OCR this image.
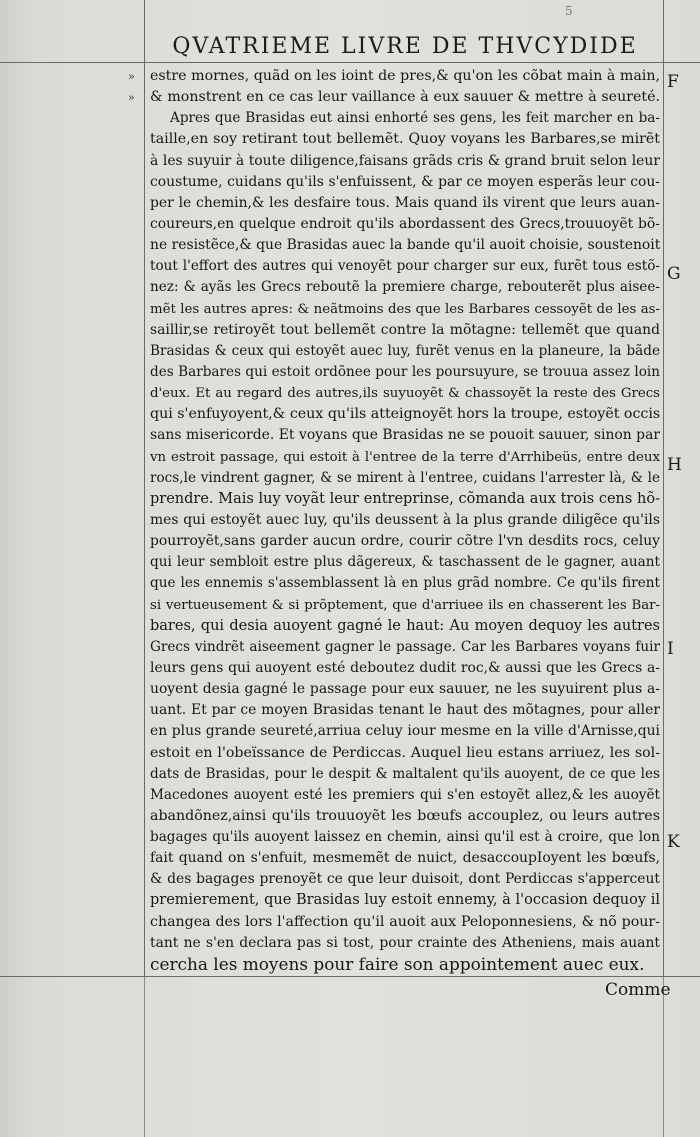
5
QVATRIEME LIVRE DE THVCYDIDE
»
»
estre mornes, quãd on les ioint de pres,& qu'on les cõbat main à main,
& monstrent en ce cas leur vaillance à eux sauuer & mettre à seureté.
Apres que Brasidas eut ainsi enhorté ses gens, les feit marcher en ba-
taille,en soy retirant tout bellemẽt. Quoy voyans les Barbares,se mirẽt
à les suyuir à toute diligence,faisans grãds cris & grand bruit selon leur
coustume, cuidans qu'ils s'enfuissent, & par ce moyen esperãs leur cou-
per le chemin,& les desfaire tous. Mais quand ils virent que leurs auan-
coureurs,en quelque endroit qu'ils abordassent des Grecs,trouuoyẽt bõ-
ne resistẽce,& que Brasidas auec la bande qu'il auoit choisie, soustenoit
tout l'effort des autres qui venoyẽt pour charger sur eux, furẽt tous estõ-
nez: & ayãs les Grecs reboutẽ la premiere charge, rebouterẽt plus aisee-
mẽt les autres apres: & neãtmoins des que les Barbares cessoyẽt de les as-
saillir,se retiroyẽt tout bellemẽt contre la mõtagne: tellemẽt que quand
Brasidas & ceux qui estoyẽt auec luy, furẽt venus en la planeure, la bãde
des Barbares qui estoit ordõnee pour les poursuyure, se trouua assez loin
d'eux. Et au regard des autres,ils suyuoyẽt & chassoyẽt la reste des Grecs
qui s'enfuyoyent,& ceux qu'ils atteignoyẽt hors la troupe, estoyẽt occis
sans misericorde. Et voyans que Brasidas ne se pouoit sauuer, sinon par
vn estroit passage, qui estoit à l'entree de la terre d'Arrhibeüs, entre deux
rocs,le vindrent gagner, & se mirent à l'entree, cuidans l'arrester là, & le
prendre. Mais luy voyãt leur entreprinse, cõmanda aux trois cens hõ-
mes qui estoyẽt auec luy, qu'ils deussent à la plus grande diligẽce qu'ils
pourroyẽt,sans garder aucun ordre, courir cõtre l'vn desdits rocs, celuy
qui leur sembloit estre plus dãgereux, & taschassent de le gagner, auant
que les ennemis s'assemblassent là en plus grãd nombre. Ce qu'ils firent
si vertueusement & si prõptement, que d'arriuee ils en chasserent les Bar-
bares, qui desia auoyent gagné le haut: Au moyen dequoy les autres
Grecs vindrẽt aiseement gagner le passage. Car les Barbares voyans fuir
leurs gens qui auoyent esté deboutez dudit roc,& aussi que les Grecs a-
uoyent desia gagné le passage pour eux sauuer, ne les suyuirent plus a-
uant. Et par ce moyen Brasidas tenant le haut des mõtagnes, pour aller
en plus grande seureté,arriua celuy iour mesme en la ville d'Arnisse,qui
estoit en l'obeïssance de Perdiccas. Auquel lieu estans arriuez, les sol-
dats de Brasidas, pour le despit & maltalent qu'ils auoyent, de ce que les
Macedones auoyent esté les premiers qui s'en estoyẽt allez,& les auoyẽt
abandõnez,ainsi qu'ils trouuoyẽt les bœufs accouplez, ou leurs autres
bagages qu'ils auoyent laissez en chemin, ainsi qu'il est à croire, que lon
fait quand on s'enfuit, mesmemẽt de nuict, desaccoupIoyent les bœufs,
& des bagages prenoyẽt ce que leur duisoit, dont Perdiccas s'apperceut
premierement, que Brasidas luy estoit ennemy, à l'occasion dequoy il
changea des lors l'affection qu'il auoit aux Peloponnesiens, & nõ pour-
tant ne s'en declara pas si tost, pour crainte des Atheniens, mais auant
cercha les moyens pour faire son appointement auec eux.
F
G
H
I
K
Comme
